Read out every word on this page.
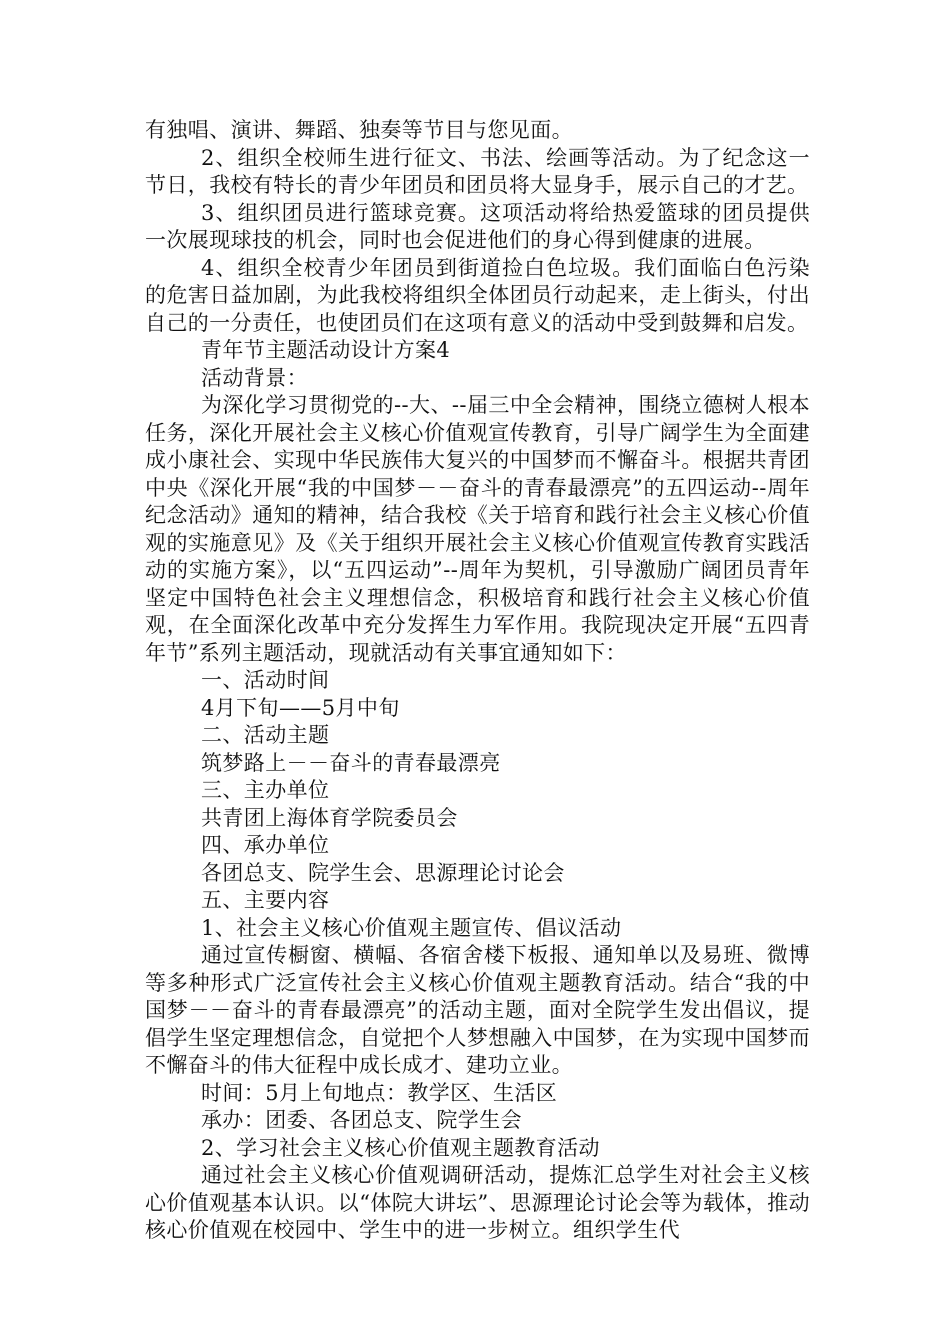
有独唱、演讲、舞蹈、独奏等节目与您见面。

2、组织全校师生进行征文、书法、绘画等活动。为了纪念这一节日，我校有特长的青少年团员和团员将大显身手，展示自己的才艺。

3、组织团员进行篮球竞赛。这项活动将给热爱篮球的团员提供一次展现球技的机会，同时也会促进他们的身心得到健康的进展。

4、组织全校青少年团员到街道捡白色垃圾。我们面临白色污染的危害日益加剧，为此我校将组织全体团员行动起来，走上街头，付出自己的一分责任，也使团员们在这项有意义的活动中受到鼓舞和启发。

青年节主题活动设计方案4

活动背景：

为深化学习贯彻党的--大、--届三中全会精神，围绕立德树人根本任务，深化开展社会主义核心价值观宣传教育，引导广阔学生为全面建成小康社会、实现中华民族伟大复兴的中国梦而不懈奋斗。根据共青团中央《深化开展“我的中国梦－－奋斗的青春最漂亮”的五四运动--周年纪念活动》通知的精神，结合我校《关于培育和践行社会主义核心价值观的实施意见》及《关于组织开展社会主义核心价值观宣传教育实践活动的实施方案》，以“五四运动”--周年为契机，引导激励广阔团员青年坚定中国特色社会主义理想信念，积极培育和践行社会主义核心价值观，在全面深化改革中充分发挥生力军作用。我院现决定开展“五四青年节”系列主题活动，现就活动有关事宜通知如下：

一、活动时间

4月下旬——5月中旬

二、活动主题

筑梦路上－－奋斗的青春最漂亮

三、主办单位

共青团上海体育学院委员会

四、承办单位

各团总支、院学生会、思源理论讨论会

五、主要内容

1、社会主义核心价值观主题宣传、倡议活动

通过宣传橱窗、横幅、各宿舍楼下板报、通知单以及易班、微博等多种形式广泛宣传社会主义核心价值观主题教育活动。结合“我的中国梦－－奋斗的青春最漂亮”的活动主题，面对全院学生发出倡议，提倡学生坚定理想信念，自觉把个人梦想融入中国梦，在为实现中国梦而不懈奋斗的伟大征程中成长成才、建功立业。

时间：5月上旬地点：教学区、生活区

承办：团委、各团总支、院学生会

2、学习社会主义核心价值观主题教育活动

通过社会主义核心价值观调研活动，提炼汇总学生对社会主义核心价值观基本认识。以“体院大讲坛”、思源理论讨论会等为载体，推动核心价值观在校园中、学生中的进一步树立。组织学生代
